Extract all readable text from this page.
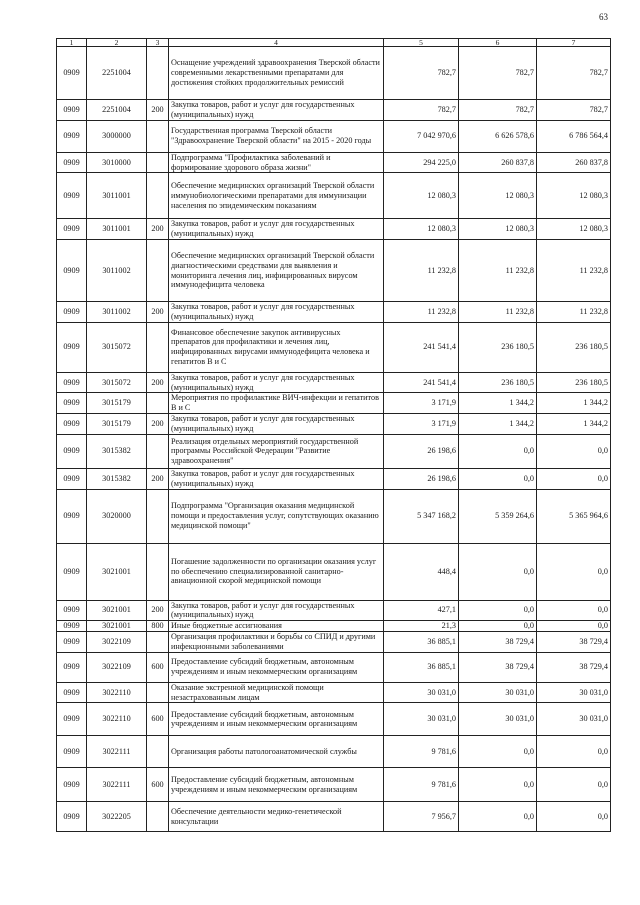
63
1	2	3	4	5	6	7
0909	2251004		Оснащение учреждений здравоохранения Тверской области современными лекарственными препаратами для достижения стойких продолжительных ремиссий	782,7	782,7	782,7
0909	2251004	200	Закупка товаров, работ и услуг для государственных (муниципальных) нужд	782,7	782,7	782,7
0909	3000000		Государственная программа Тверской области "Здравоохранение Тверской области" на 2015 - 2020 годы	7 042 970,6	6 626 578,6	6 786 564,4
0909	3010000		Подпрограмма "Профилактика заболеваний и формирование здорового образа жизни"	294 225,0	260 837,8	260 837,8
0909	3011001		Обеспечение медицинских организаций Тверской области иммунобиологическими препаратами для иммунизации населения по эпидемическим показаниям	12 080,3	12 080,3	12 080,3
0909	3011001	200	Закупка товаров, работ и услуг для государственных (муниципальных) нужд	12 080,3	12 080,3	12 080,3
0909	3011002		Обеспечение медицинских организаций Тверской области диагностическими средствами для выявления и мониторинга лечения лиц, инфицированных вирусом иммунодефицита человека	11 232,8	11 232,8	11 232,8
0909	3011002	200	Закупка товаров, работ и услуг для государственных (муниципальных) нужд	11 232,8	11 232,8	11 232,8
0909	3015072		Финансовое обеспечение закупок антивирусных препаратов для профилактики и лечения лиц, инфицированных вирусами иммунодефицита человека и гепатитов В и С	241 541,4	236 180,5	236 180,5
0909	3015072	200	Закупка товаров, работ и услуг для государственных (муниципальных) нужд	241 541,4	236 180,5	236 180,5
0909	3015179		Мероприятия по профилактике ВИЧ-инфекции и гепатитов В и С	3 171,9	1 344,2	1 344,2
0909	3015179	200	Закупка товаров, работ и услуг для государственных (муниципальных) нужд	3 171,9	1 344,2	1 344,2
0909	3015382		Реализация отдельных мероприятий государственной программы Российской Федерации "Развитие здравоохранения"	26 198,6	0,0	0,0
0909	3015382	200	Закупка товаров, работ и услуг для государственных (муниципальных) нужд	26 198,6	0,0	0,0
0909	3020000		Подпрограмма "Организация оказания медицинской помощи и предоставления услуг, сопутствующих оказанию медицинской помощи"	5 347 168,2	5 359 264,6	5 365 964,6
0909	3021001		Погашение задолженности по организации оказания услуг по обеспечению специализированной санитарно-авиационной скорой медицинской помощи	448,4	0,0	0,0
0909	3021001	200	Закупка товаров, работ и услуг для государственных (муниципальных) нужд	427,1	0,0	0,0
0909	3021001	800	Иные бюджетные ассигнования	21,3	0,0	0,0
0909	3022109		Организация профилактики и борьбы со СПИД и другими инфекционными заболеваниями	36 885,1	38 729,4	38 729,4
0909	3022109	600	Предоставление субсидий бюджетным, автономным учреждениям и иным некоммерческим организациям	36 885,1	38 729,4	38 729,4
0909	3022110		Оказание экстренной медицинской помощи незастрахованным лицам	30 031,0	30 031,0	30 031,0
0909	3022110	600	Предоставление субсидий бюджетным, автономным учреждениям и иным некоммерческим организациям	30 031,0	30 031,0	30 031,0
0909	3022111		Организация работы патологоанатомической службы	9 781,6	0,0	0,0
0909	3022111	600	Предоставление субсидий бюджетным, автономным учреждениям и иным некоммерческим организациям	9 781,6	0,0	0,0
0909	3022205		Обеспечение деятельности медико-генетической консультации	7 956,7	0,0	0,0
